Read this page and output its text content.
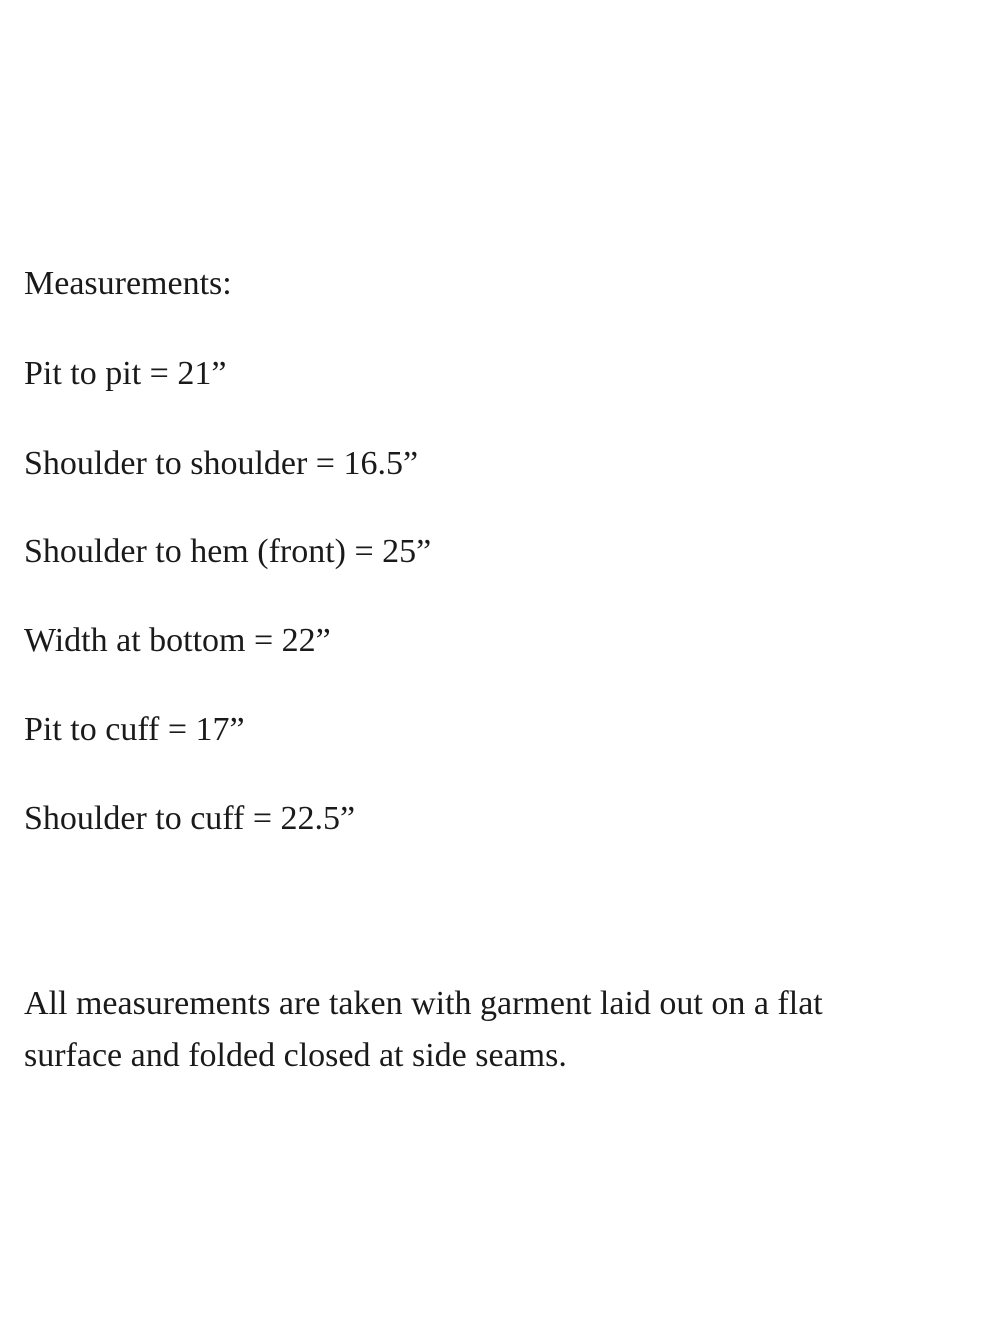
Measurements:

Pit to pit = 21”

Shoulder to shoulder = 16.5”

Shoulder to hem (front) = 25”

Width at bottom = 22”

Pit to cuff = 17”

Shoulder to cuff = 22.5”

All measurements are taken with garment laid out on a flat
surface and folded closed at side seams.
